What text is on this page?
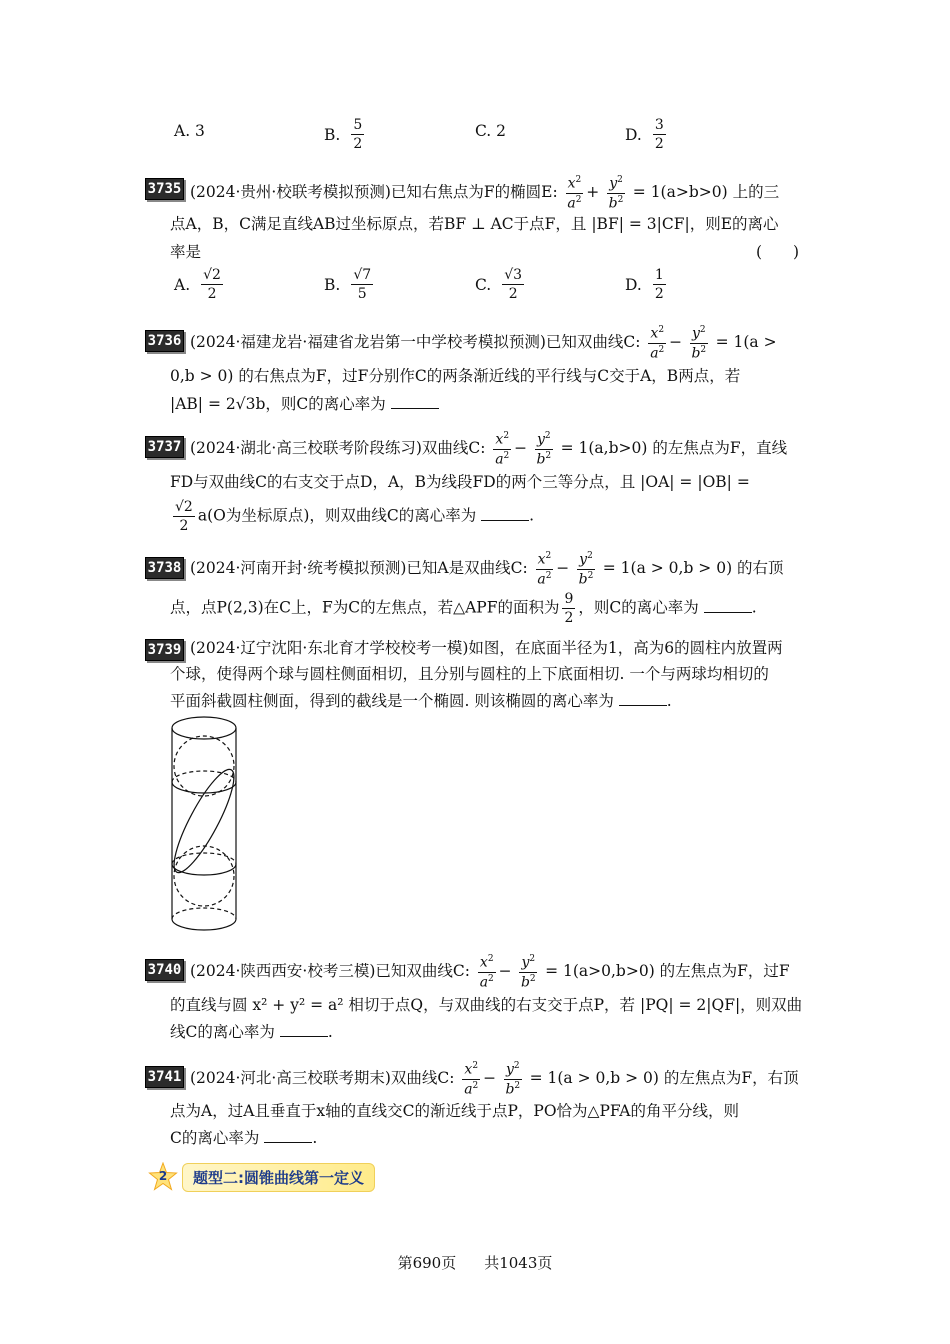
A. 3	B. $\frac{5}{2}$	C. 2	D. $\frac{3}{2}$
3735 (2024·贵州·校联考模拟预测)已知右焦点为F的椭圆E: $\frac{x^2}{a^2} + \frac{y^2}{b^2} = 1(a>b>0)$ 上的三
点A，B，C满足直线AB过坐标原点，若BF ⊥ AC于点F，且 |BF| = 3|CF|，则E的离心
率是	(　　)
A. $\frac{√2}{2}$	B. $\frac{√7}{5}$	C. $\frac{√3}{2}$	D. $\frac{1}{2}$
3736 (2024·福建龙岩·福建省龙岩第一中学校考模拟预测)已知双曲线C: $\frac{x^2}{a^2} - \frac{y^2}{b^2} = 1(a$ >
0,b > 0) 的右焦点为F，过F分别作C的两条渐近线的平行线与C交于A，B两点，若
|AB| = 2√3b，则C的离心率为
3737 (2024·湖北·高三校联考阶段练习)双曲线C: $\frac{x^2}{a^2} - \frac{y^2}{b^2} = 1(a,b>0)$ 的左焦点为F，直线
FD与双曲线C的右支交于点D，A，B为线段FD的两个三等分点，且 |OA| = |OB| =
$\frac{√2}{2} a(O$为坐标原点)，则双曲线C的离心率为	.
3738 (2024·河南开封·统考模拟预测)已知A是双曲线C: $\frac{x^2}{a^2} - \frac{y^2}{b^2} = 1(a > 0,b > 0)$ 的右顶
点，点P(2,3)在C上，F为C的左焦点，若△APF的面积为 $\frac{9}{2}$ ，则C的离心率为	.
3739 (2024·辽宁沈阳·东北育才学校校考一模)如图，在底面半径为1，高为6的圆柱内放置两
个球，使得两个球与圆柱侧面相切，且分别与圆柱的上下底面相切. 一个与两球均相切的
平面斜截圆柱侧面，得到的截线是一个椭圆. 则该椭圆的离心率为	.
3740 (2024·陕西西安·校考三模)已知双曲线C: $\frac{x^2}{a^2} - \frac{y^2}{b^2} = 1(a>0,b>0)$ 的左焦点为F，过F
的直线与圆 x² + y² = a² 相切于点Q，与双曲线的右支交于点P，若 |PQ| = 2|QF|，则双曲
线C的离心率为	.
3741 (2024·河北·高三校联考期末)双曲线C: $\frac{x^2}{a^2} - \frac{y^2}{b^2} = 1(a > 0,b > 0)$ 的左焦点为F，右顶
点为A，过A且垂直于x轴的直线交C的渐近线于点P，PO恰为△PFA的角平分线，则
C的离心率为	.
2	题型二:圆锥曲线第一定义
第690页 共1043页
